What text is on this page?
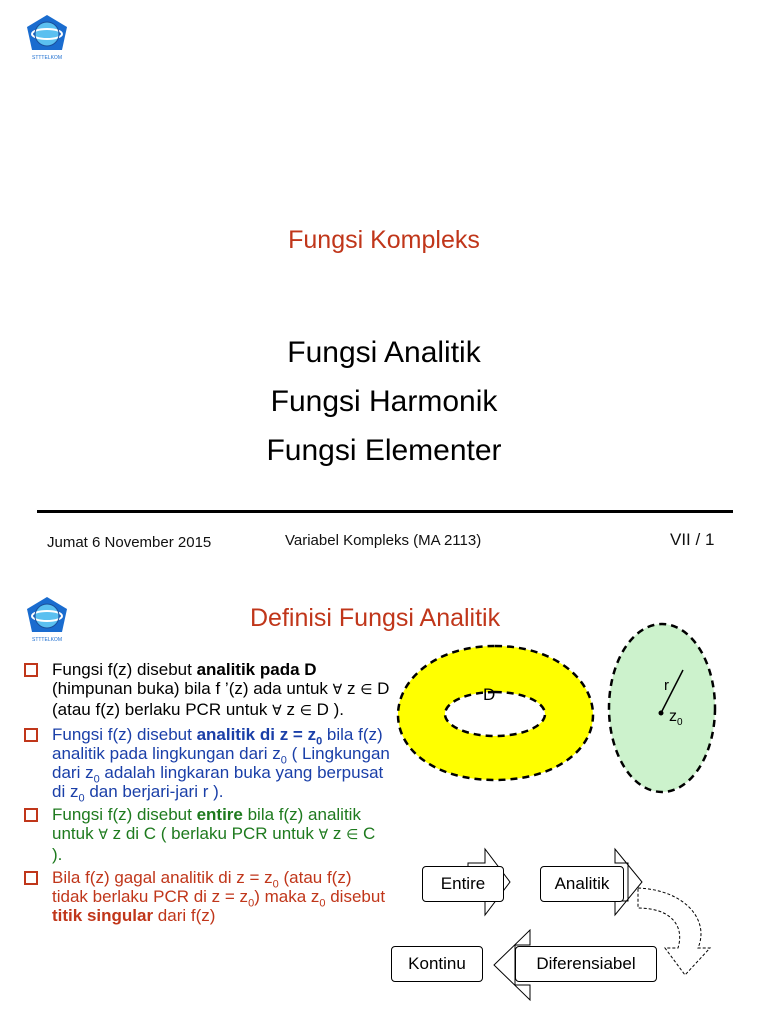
STTTELKOM
Fungsi Kompleks
Fungsi Analitik
Fungsi Harmonik
Fungsi Elementer
Jumat 6 November 2015	Variabel Kompleks (MA 2113)	VII / 1
STTTELKOM
Definisi Fungsi Analitik
Fungsi f(z) disebut analitik pada D (himpunan buka) bila f ’(z) ada untuk ∀ z ∈ D (atau f(z) berlaku PCR untuk ∀ z ∈ D ).
Fungsi f(z) disebut analitik di $z = z_0$ bila f(z) analitik pada lingkungan dari $z_0$ ( Lingkungan dari $z_0$ adalah lingkaran buka yang berpusat di $z_0$ dan berjari-jari r ).
Fungsi f(z) disebut entire bila f(z) analitik untuk ∀ z di C ( berlaku PCR untuk ∀ z ∈ C ).
Bila f(z) gagal analitik di $z = z_0$ (atau f(z) tidak berlaku PCR di $z = z_0$) maka $z_0$ disebut titik singular dari f(z)
D	r
$z_0$
Entire	Analitik
Diferensiabel
Kontinu
